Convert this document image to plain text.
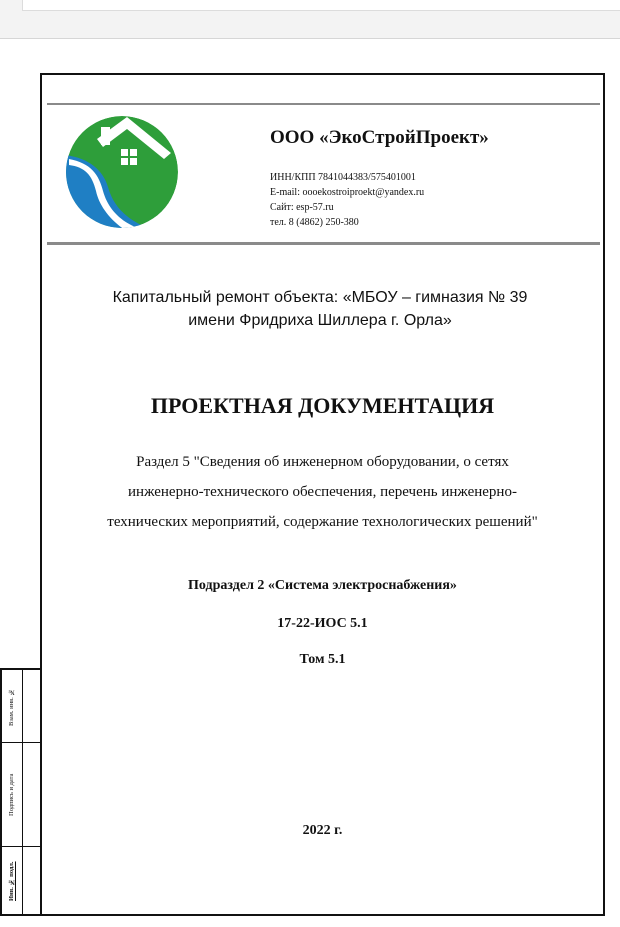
ООО «ЭкоСтройПроект»
ИНН/КПП 7841044383/575401001
E-mail: oooekostroiproekt@yandex.ru
Сайт: esp-57.ru
тел. 8 (4862) 250-380
Капитальный ремонт объекта: «МБОУ – гимназия № 39
имени Фридриха Шиллера г. Орла»
ПРОЕКТНАЯ ДОКУМЕНТАЦИЯ
Раздел 5 "Сведения об инженерном оборудовании, о сетях
инженерно-технического обеспечения, перечень инженерно-
технических мероприятий, содержание технологических решений"
Подраздел 2 «Система электроснабжения»
17-22-ИОС 5.1
Том 5.1
2022 г.
Взам. инв. №
Подпись и дата
Инв. № подл.
